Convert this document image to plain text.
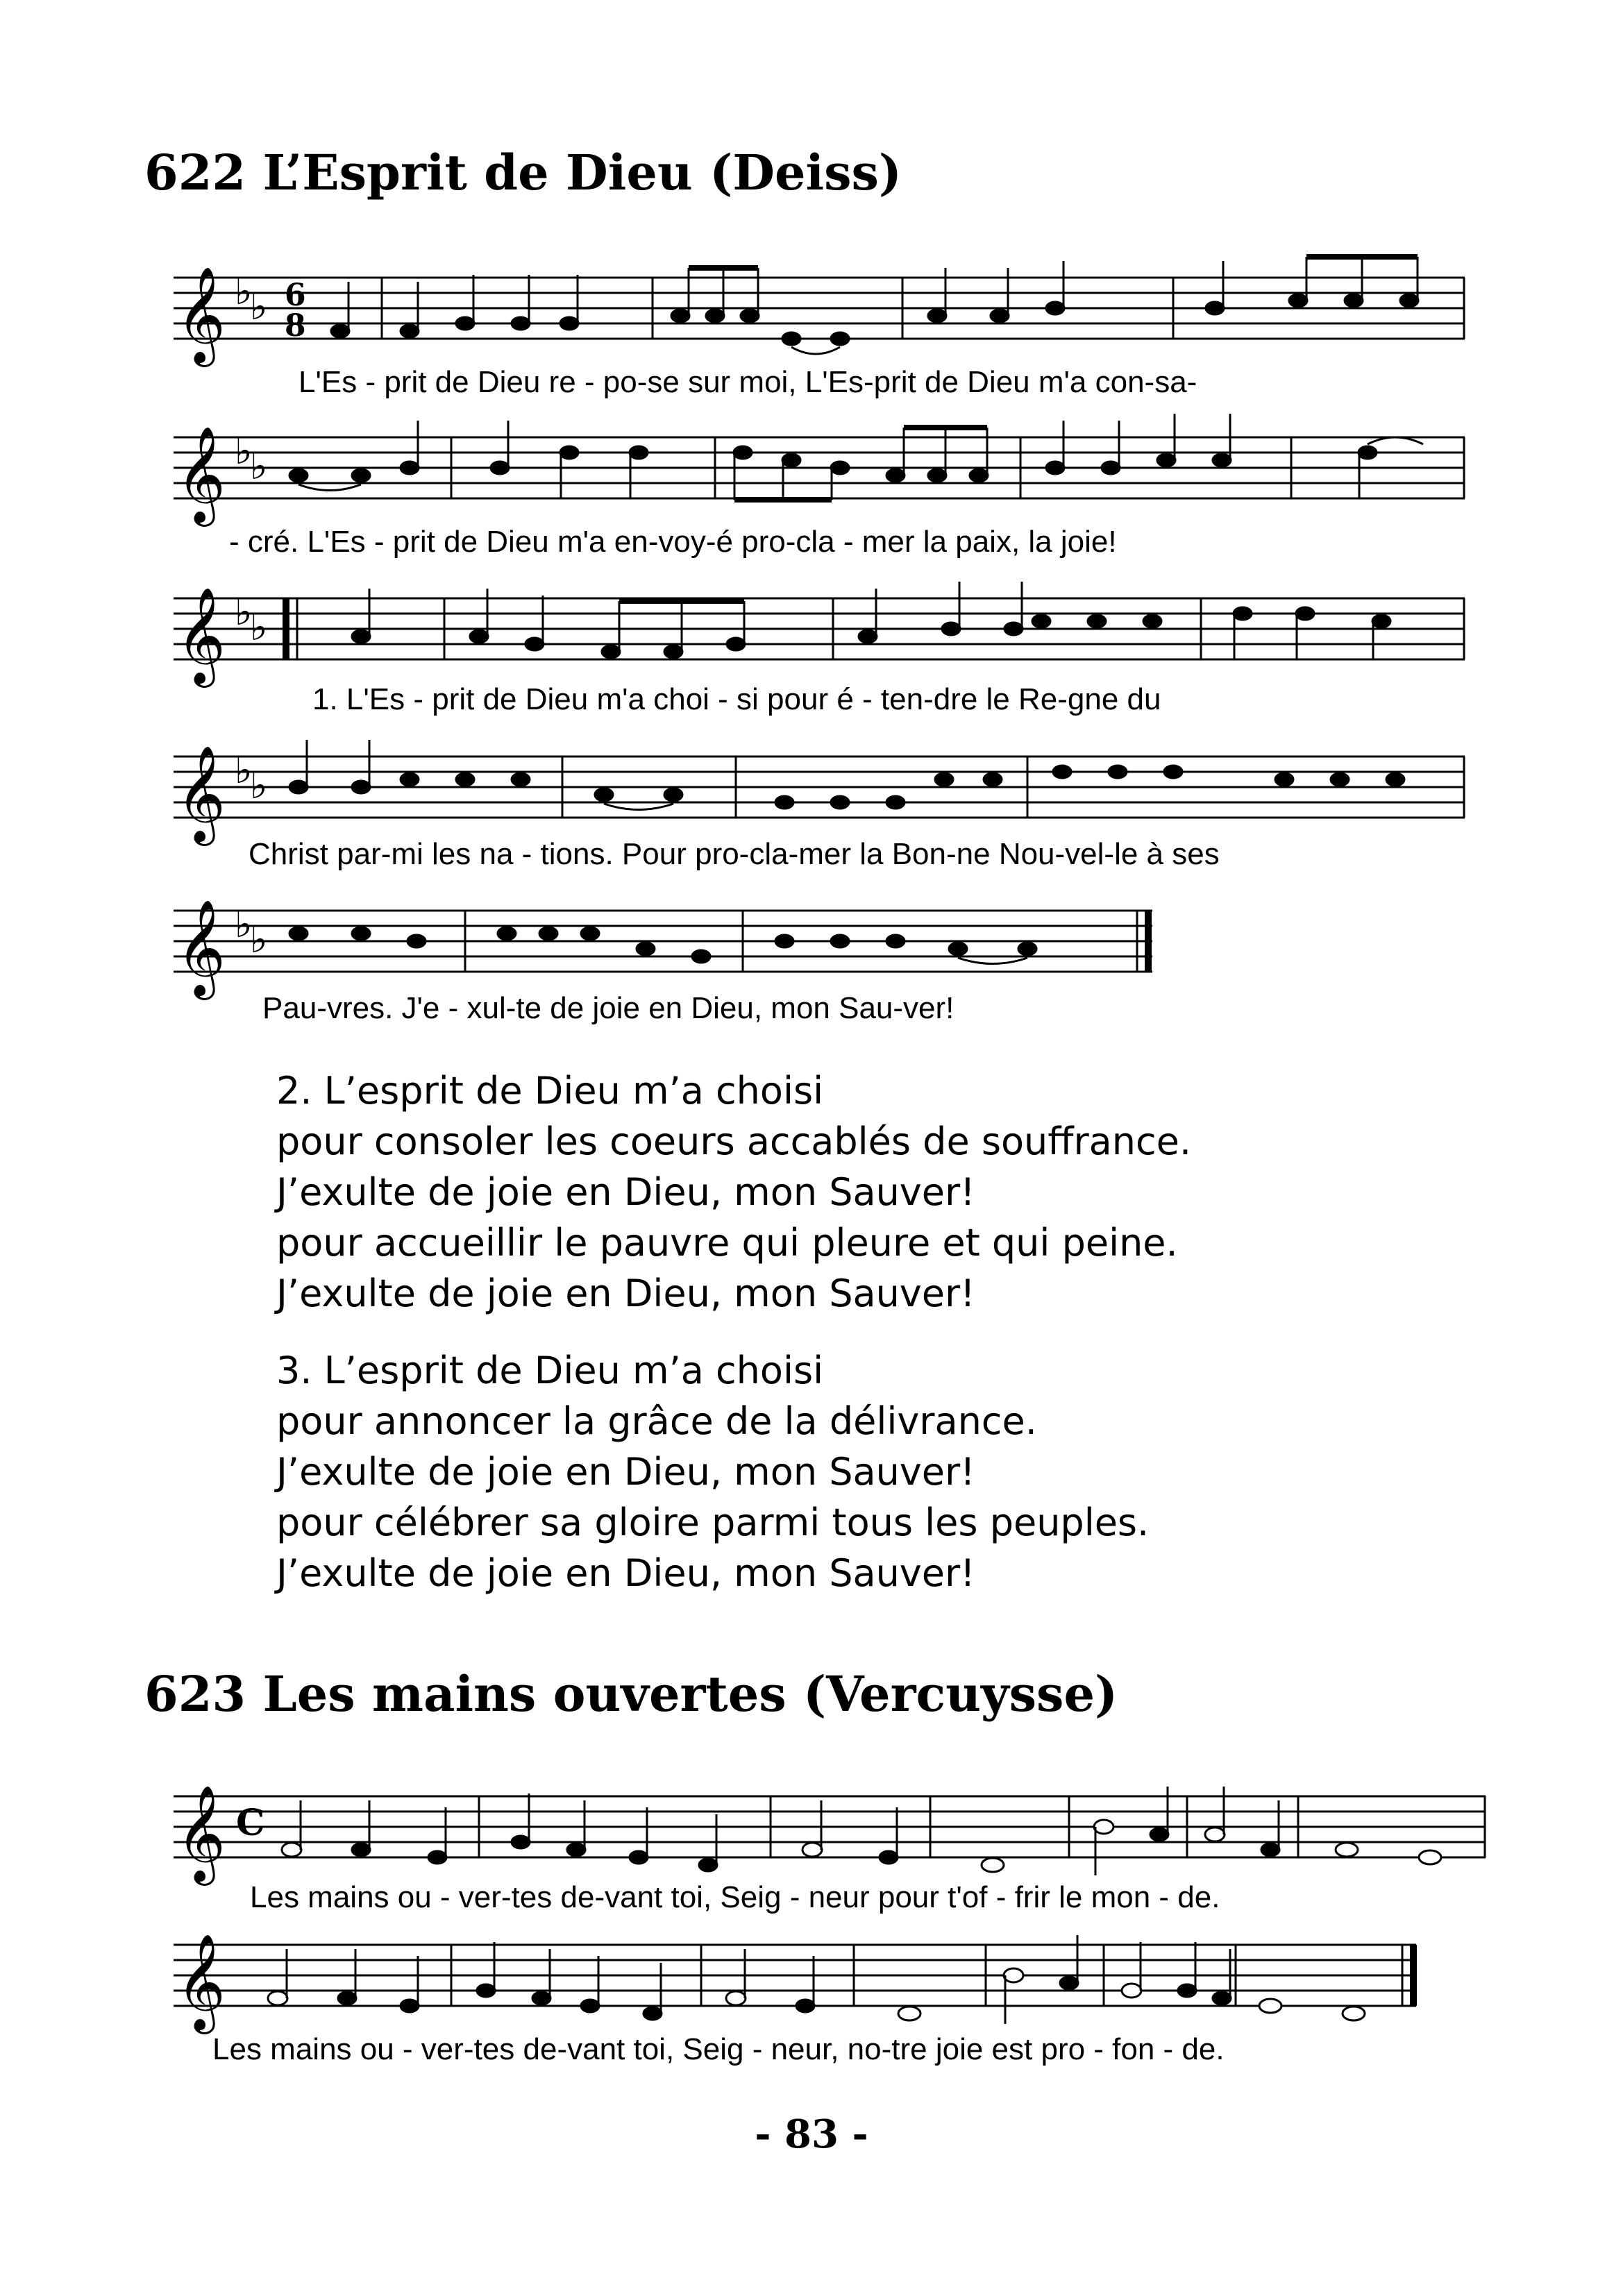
622 L’Esprit de Dieu (Deiss)
𝄞 ♭
♭ 6
8
L'Es - prit de Dieu re - po-se sur moi, L'Es-prit de Dieu m'a con-sa-
𝄞 ♭
♭
- cré. L'Es - prit de Dieu m'a en-voy-é pro-cla - mer la paix, la joie!
𝄞 ♭
♭
1. L'Es - prit de Dieu m'a choi - si pour é - ten-dre le Re-gne du
𝄞 ♭
♭
Christ par-mi les na - tions. Pour pro-cla-mer la Bon-ne Nou-vel-le à ses
𝄞 ♭
♭
Pau-vres. J'e - xul-te de joie en Dieu, mon Sau-ver!
2. L’esprit de Dieu m’a choisi
pour consoler les coeurs accablés de souffrance.
J’exulte de joie en Dieu, mon Sauver!
pour accueillir le pauvre qui pleure et qui peine.
J’exulte de joie en Dieu, mon Sauver!
3. L’esprit de Dieu m’a choisi
pour annoncer la grâce de la délivrance.
J’exulte de joie en Dieu, mon Sauver!
pour célébrer sa gloire parmi tous les peuples.
J’exulte de joie en Dieu, mon Sauver!
623 Les mains ouvertes (Vercuysse)
𝄞 C
Les mains ou - ver-tes de-vant toi, Seig - neur pour t'of - frir le mon - de.
𝄞
Les mains ou - ver-tes de-vant toi, Seig - neur, no-tre joie est pro - fon - de.
- 83 -
